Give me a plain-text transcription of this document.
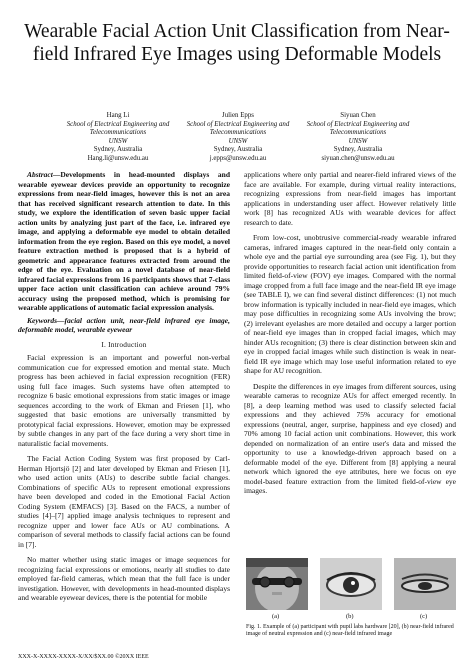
Wearable Facial Action Unit Classification from Near-field Infrared Eye Images using Deformable Models
Hang Li
School of Electrical Engineering and Telecommunications
UNSW
Sydney, Australia
Hang.li@unsw.edu.au
Julien Epps
School of Electrical Engineering and Telecommunications
UNSW
Sydney, Australia
j.epps@unsw.edu.au
Siyuan Chen
School of Electrical Engineering and Telecommunications
UNSW
Sydney, Australia
siyuan.chen@unsw.edu.au

Abstract—Developments in head-mounted displays and wearable eyewear devices provide an opportunity to recognize expressions from near-field images, however this is not an area that has received significant research attention to date. In this study, we explore the identification of seven basic upper facial action units by analyzing just part of the face, i.e. infrared eye image, and applying a deformable eye model to obtain detailed information from the eye region. Based on this eye model, a novel feature extraction method is proposed that is a hybrid of geometric and appearance features extracted from around the edge of the eye. Evaluation on a novel database of near-field infrared facial expressions from 16 participants shows that 7-class upper face action unit classification can achieve around 79% accuracy using the proposed method, which is promising for wearable applications of automatic facial expression analysis.

Keywords—facial action unit, near-field infrared eye image, deformable model, wearable eyewear

I. Introduction

Facial expression is an important and powerful non-verbal communication cue for expressed emotion and mental state. Much progress has been achieved in facial expression recognition (FER) using full face images. Such systems have often attempted to recognize 6 basic emotional expressions from static images or image sequences according to the work of Ekman and Friesen [1], who suggested that basic emotions are universally transmitted by prototypical facial expressions. However, emotion may be expressed by subtle changes in any part of the face during a very short time in naturalistic facial movements.

The Facial Action Coding System was first proposed by Carl-Herman Hjortsjö [2] and later developed by Ekman and Friesen [1], who used action units (AUs) to describe subtle facial changes. Combinations of specific AUs to represent emotional expressions have been developed and coded in the Emotional Facial Action Coding System (EMFACS) [3]. Based on the FACS, a number of studies [4]–[7] applied image analysis techniques to represent and recognize upper and lower face AUs or AU combinations. A comparison of several methods to classify facial actions can be found in [7].

No matter whether using static images or image sequences for recognizing facial expressions or emotions, nearly all studies to date employed far-field cameras, which mean that the full face is under investigation. However, with developments in head-mounted displays and wearable eyewear devices, there is the potential for mobile

applications where only partial and nearer-field infrared views of the face are available. For example, during virtual reality interactions, recognizing expressions from near-field images has important applications in understanding user affect. However relatively little work [8] has recognized AUs with wearable devices for affect research to date.

From low-cost, unobtrusive commercial-ready wearable infrared cameras, infrared images captured in the near-field only contain a whole eye and the partial eye surrounding area (see Fig. 1), but they provide opportunities to research facial action unit identification from limited field-of-view (FOV) eye images. Compared with the normal image cropped from a full face image and the near-field IR eye image (see TABLE I), we can find several distinct differences: (1) not much brow information is typically included in near-field eye images, which may pose difficulties in recognizing some AUs involving the brow; (2) irrelevant eyelashes are more detailed and occupy a larger portion of near-field eye images than in cropped facial images, which may hinder AUs recognition; (3) there is clear distinction between skin and eye in cropped facial images while such distinction is weak in near-field IR eye image which may lose useful information related to eye shape for AU recognition.

Despite the differences in eye images from different sources, using wearable cameras to recognize AUs for affect emerged recently. In [8], a deep learning method was used to classify selected facial expressions and they achieved 75% accuracy for emotional expressions (neutral, anger, surprise, happiness and eye closed) and 70% among 10 facial action unit combinations. However, this work depended on normalization of an entire user's data and missed the opportunity to use a knowledge-driven approach based on a deformable model of the eye. Different from [8] applying a neural network which ignored the eye attributes, here we focus on eye model-based feature extraction from the limited field-of-view eye images.

(a)	(b)	(c)
Fig. 1. Example of (a) participant with pupil labs hardware [20], (b) near-field infrared image of neutral expression and (c) near-field infrared image
XXX-X-XXXX-XXXX-X/XX/$XX.00 ©20XX IEEE
